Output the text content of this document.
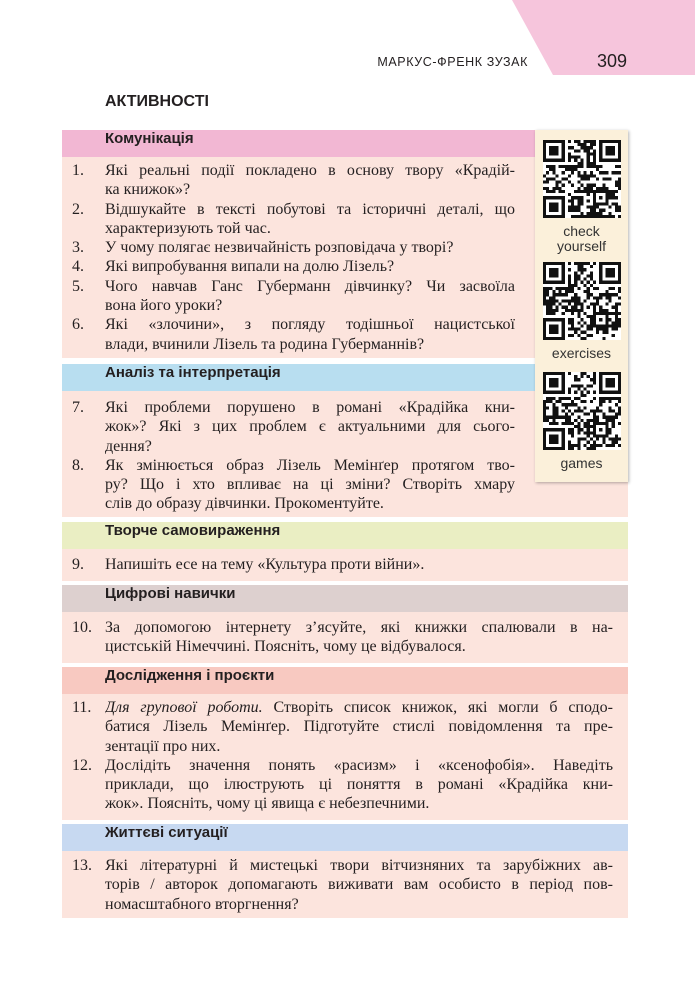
МАРКУС-ФРЕНК ЗУЗАК	309
АКТИВНОСТІ
Комунікація
1. Які реальні події покладено в основу твору «Крадій-
ка книжок»?
2. Відшукайте в тексті побутові та історичні деталі, що
характеризують той час.
3. У чому полягає незвичайність розповідача у творі?
4. Які випробування випали на долю Лізель?
5. Чого навчав Ганс Губерманн дівчинку? Чи засвоїла
вона його уроки?
6. Які «злочини», з погляду тодішньої нацистської
влади, вчинили Лізель та родина Губерманнів?
Аналіз та інтерпретація
7. Які проблеми порушено в романі «Крадійка кни-
жок»? Які з цих проблем є актуальними для сього-
дення?
8. Як змінюється образ Лізель Мемінґер протягом тво-
ру? Що і хто впливає на ці зміни? Створіть хмару
слів до образу дівчинки. Прокоментуйте.
Творче самовираження
9. Напишіть есе на тему «Культура проти війни».
Цифрові навички
10. За допомогою інтернету з’ясуйте, які книжки спалювали в на-
цистській Німеччині. Поясніть, чому це відбувалося.
Дослідження і проєкти
11. Для групової роботи. Створіть список книжок, які могли б сподо-
батися Лізель Мемінґер. Підготуйте стислі повідомлення та пре-
зентації про них.
12. Дослідіть значення понять «расизм» і «ксенофобія». Наведіть
приклади, що ілюструють ці поняття в романі «Крадійка кни-
жок». Поясніть, чому ці явища є небезпечними.
Життєві ситуації
13. Які літературні й мистецькі твори вітчизняних та зарубіжних ав-
торів / авторок допомагають виживати вам особисто в період пов-
номасштабного вторгнення?
check
yourself
exercises
games
